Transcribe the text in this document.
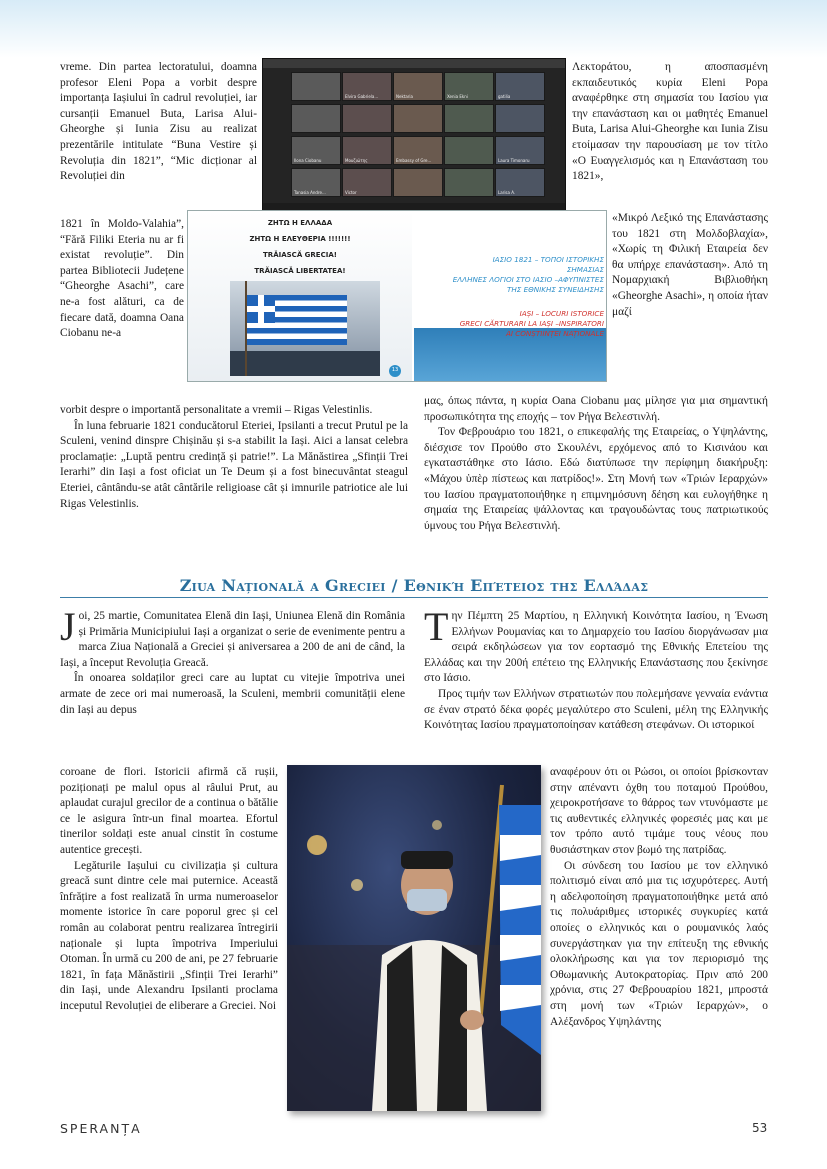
vreme. Din partea lectoratului, doamna profesor Eleni Popa a vorbit despre importanța Iașiului în cadrul revoluției, iar cursanții Emanuel Buta, Larisa Alui-Gheorghe și Iunia Zisu au realizat prezentările intitulate “Buna Vestire și Revoluția din 1821”, “Mic dicționar al Revoluției din

1821 în Moldo-Valahia”, “Fără Filiki Eteria nu ar fi existat revoluție”. Din partea Bibliotecii Județene “Gheorghe Asachi”, care ne-a fost alături, ca de fiecare dată, doamna Oana Ciobanu ne-a

Λεκτοράτου, η αποσπασμένη εκπαιδευτικός κυρία Eleni Popa αναφέρθηκε στη σημασία του Ιασίου για την επανάσταση και οι μαθητές Emanuel Buta, Larisa Alui-Gheorghe και Iunia Zisu ετοίμασαν την παρουσίαση με τον τίτλο «Ο Ευαγγελισμός και η Επανάσταση του 1821»,

«Μικρό Λεξικό της Επανάστασης του 1821 στη Μολδοβλαχία», «Χωρίς τη Φιλική Εταιρεία δεν θα υπήρχε επανάσταση». Από τη Νομαρχιακή Βιβλιοθήκη «Gheorghe Asachi», η οποία ήταν μαζί

Elvira Gabriela...	Nektaria	Xenia Ekni	gatilia
Ilona Ciobanu	Mouζιώτης	Embassy of Gre...	Laura Timonaru
Tanasia Andre...	Victor	Larisa A.
ΖΗΤΩ Η ΕΛΛΑΔΑ
ΖΗΤΩ Η ΕΛΕΥΘΕΡΙΑ !!!!!!!
TRĂIASCĂ GRECIA!
TRĂIASCĂ LIBERTATEA!
13
ΙΑΣΙΟ 1821 – ΤΟΠΟΙ ΙΣΤΟΡΙΚΗΣ
ΣΗΜΑΣΙΑΣ
ΕΛΛΗΝΕΣ ΛΟΓΙΟΙ ΣΤΟ ΙΑΣΙΟ –ΑΦΥΠΝΙΣΤΕΣ
ΤΗΣ ΕΘΝΙΚΗΣ ΣΥΝΕΙΔΗΣΗΣ
IAȘI – LOCURI ISTORICE
GRECI CĂRTURARI LA IAȘI –INSPIRATORI
AI CONȘTIINȚEI NAȚIONALE

vorbit despre o importantă personalitate a vremii – Rigas Velestinlis.

În luna februarie 1821 conducătorul Eteriei, Ipsilanti a trecut Prutul pe la Sculeni, venind dinspre Chișinău și s-a stabilit la Iași. Aici a lansat celebra proclamație: „Luptă pentru credință și patrie!”. La Mănăstirea „Sfinții Trei Ierarhi” din Iași a fost oficiat un Te Deum și a fost binecuvântat steagul Eteriei, cântându-se atât cântările religioase cât și imnurile patriotice ale lui Rigas Velestinlis.

μας, όπως πάντα, η κυρία Oana Ciobanu μας μίλησε για μια σημαντική προσωπικότητα της εποχής – τον Ρήγα Βελεστινλή.

Τον Φεβρουάριο του 1821, ο επικεφαλής της Εταιρείας, ο Υψηλάντης, διέσχισε τον Προύθο στο Σκουλένι, ερχόμενος από το Κισινάου και εγκαταστάθηκε στο Ιάσιο. Εδώ διατύπωσε την περίφημη διακήρυξη: «Μάχου ὑπὲρ πίστεως και πατρίδος!». Στη Μονή των «Τριών Ιεραρχών» του Ιασίου πραγματοποιήθηκε η επιμνημόσυνη δέηση και ευλογήθηκε η σημαία της Εταιρείας ψάλλοντας και τραγουδώντας τους πατριωτικούς ύμνους του Ρήγα Βελεστινλή.

Ziua Națională a Greciei / Εθνική Επέτειος της Ελλάδας

Joi, 25 martie, Comunitatea Elenă din Iași, Uniunea Elenă din România și Primăria Municipiului Iași a organizat o serie de evenimente pentru a marca Ziua Națională a Greciei și aniversarea a 200 de ani de când, la Iași, a început Revoluția Greacă.

În onoarea soldaților greci care au luptat cu vitejie împotriva unei armate de zece ori mai numeroasă, la Sculeni, membrii comunității elene din Iași au depus

coroane de flori. Istoricii afirmă că rușii, poziționați pe malul opus al râului Prut, au aplaudat curajul grecilor de a continua o bătălie ce le asigura într-un final moartea. Efortul tinerilor soldați este anual cinstit în costume autentice grecești.

Legăturile Iașului cu civilizația și cultura greacă sunt dintre cele mai puternice. Această înfrățire a fost realizată în urma numeroaselor momente istorice în care poporul grec și cel român au colaborat pentru realizarea întregirii naționale și lupta împotriva Imperiului Otoman. În urmă cu 200 de ani, pe 27 februarie 1821, în fața Mănăstirii „Sfinții Trei Ierarhi” din Iași, unde Alexandru Ipsilanti proclama inceputul Revoluției de eliberare a Greciei. Noi

Την Πέμπτη 25 Μαρτίου, η Ελληνική Κοινότητα Ιασίου, η Ένωση Ελλήνων Ρουμανίας και το Δημαρχείο του Ιασίου διοργάνωσαν μια σειρά εκδηλώσεων για τον εορτασμό της Εθνικής Επετείου της Ελλάδας και την 200ή επέτειο της Ελληνικής Επανάστασης που ξεκίνησε στο Ιάσιο.

Προς τιμήν των Ελλήνων στρατιωτών που πολεμήσανε γενναία ενάντια σε έναν στρατό δέκα φορές μεγαλύτερο στο Sculeni, μέλη της Ελληνικής Κοινότητας Ιασίου πραγματοποίησαν κατάθεση στεφάνων. Οι ιστορικοί

αναφέρουν ότι οι Ρώσοι, οι οποίοι βρίσκονταν στην απέναντι όχθη του ποταμού Προύθου, χειροκροτήσανε το θάρρος των ντυνόμαστε με τις αυθεντικές ελληνικές φορεσιές μας και με τον τρόπο αυτό τιμάμε τους νέους που θυσιάστηκαν στον βωμό της πατρίδας.

Οι σύνδεση του Ιασίου με τον ελληνικό πολιτισμό είναι από μια τις ισχυρότερες. Αυτή η αδελφοποίηση πραγματοποιήθηκε μετά από τις πολυάριθμες ιστορικές συγκυρίες κατά οποίες ο ελληνικός και ο ρουμανικός λαός συνεργάστηκαν για την επίτευξη της εθνικής ολοκλήρωσης και για τον περιορισμό της Οθωμανικής Αυτοκρατορίας. Πριν από 200 χρόνια, στις 27 Φεβρουαρίου 1821, μπροστά στη μονή των «Τριών Ιεραρχών», ο Αλέξανδρος Υψηλάντης

SPERANȚA	53
